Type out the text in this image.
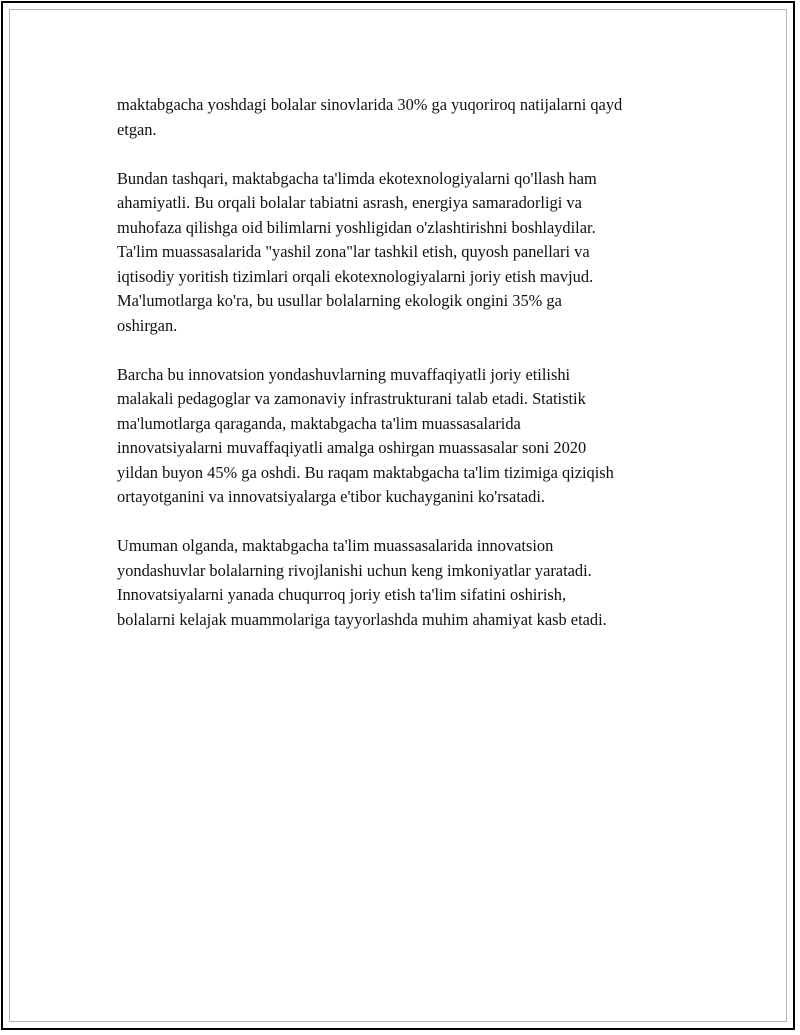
maktabgacha yoshdagi bolalar sinovlarida 30% ga yuqoriroq natijalarni qayd
etgan.
Bundan tashqari, maktabgacha ta'limda ekotexnologiyalarni qo'llash ham
ahamiyatli. Bu orqali bolalar tabiatni asrash, energiya samaradorligi va
muhofaza qilishga oid bilimlarni yoshligidan o'zlashtirishni boshlaydilar.
Ta'lim muassasalarida "yashil zona"lar tashkil etish, quyosh panellari va
iqtisodiy yoritish tizimlari orqali ekotexnologiyalarni joriy etish mavjud.
Ma'lumotlarga ko'ra, bu usullar bolalarning ekologik ongini 35% ga
oshirgan.
Barcha bu innovatsion yondashuvlarning muvaffaqiyatli joriy etilishi
malakali pedagoglar va zamonaviy infrastrukturani talab etadi. Statistik
ma'lumotlarga qaraganda, maktabgacha ta'lim muassasalarida
innovatsiyalarni muvaffaqiyatli amalga oshirgan muassasalar soni 2020
yildan buyon 45% ga oshdi. Bu raqam maktabgacha ta'lim tizimiga qiziqish
ortayotganini va innovatsiyalarga e'tibor kuchayganini ko'rsatadi.
Umuman olganda, maktabgacha ta'lim muassasalarida innovatsion
yondashuvlar bolalarning rivojlanishi uchun keng imkoniyatlar yaratadi.
Innovatsiyalarni yanada chuqurroq joriy etish ta'lim sifatini oshirish,
bolalarni kelajak muammolariga tayyorlashda muhim ahamiyat kasb etadi.
